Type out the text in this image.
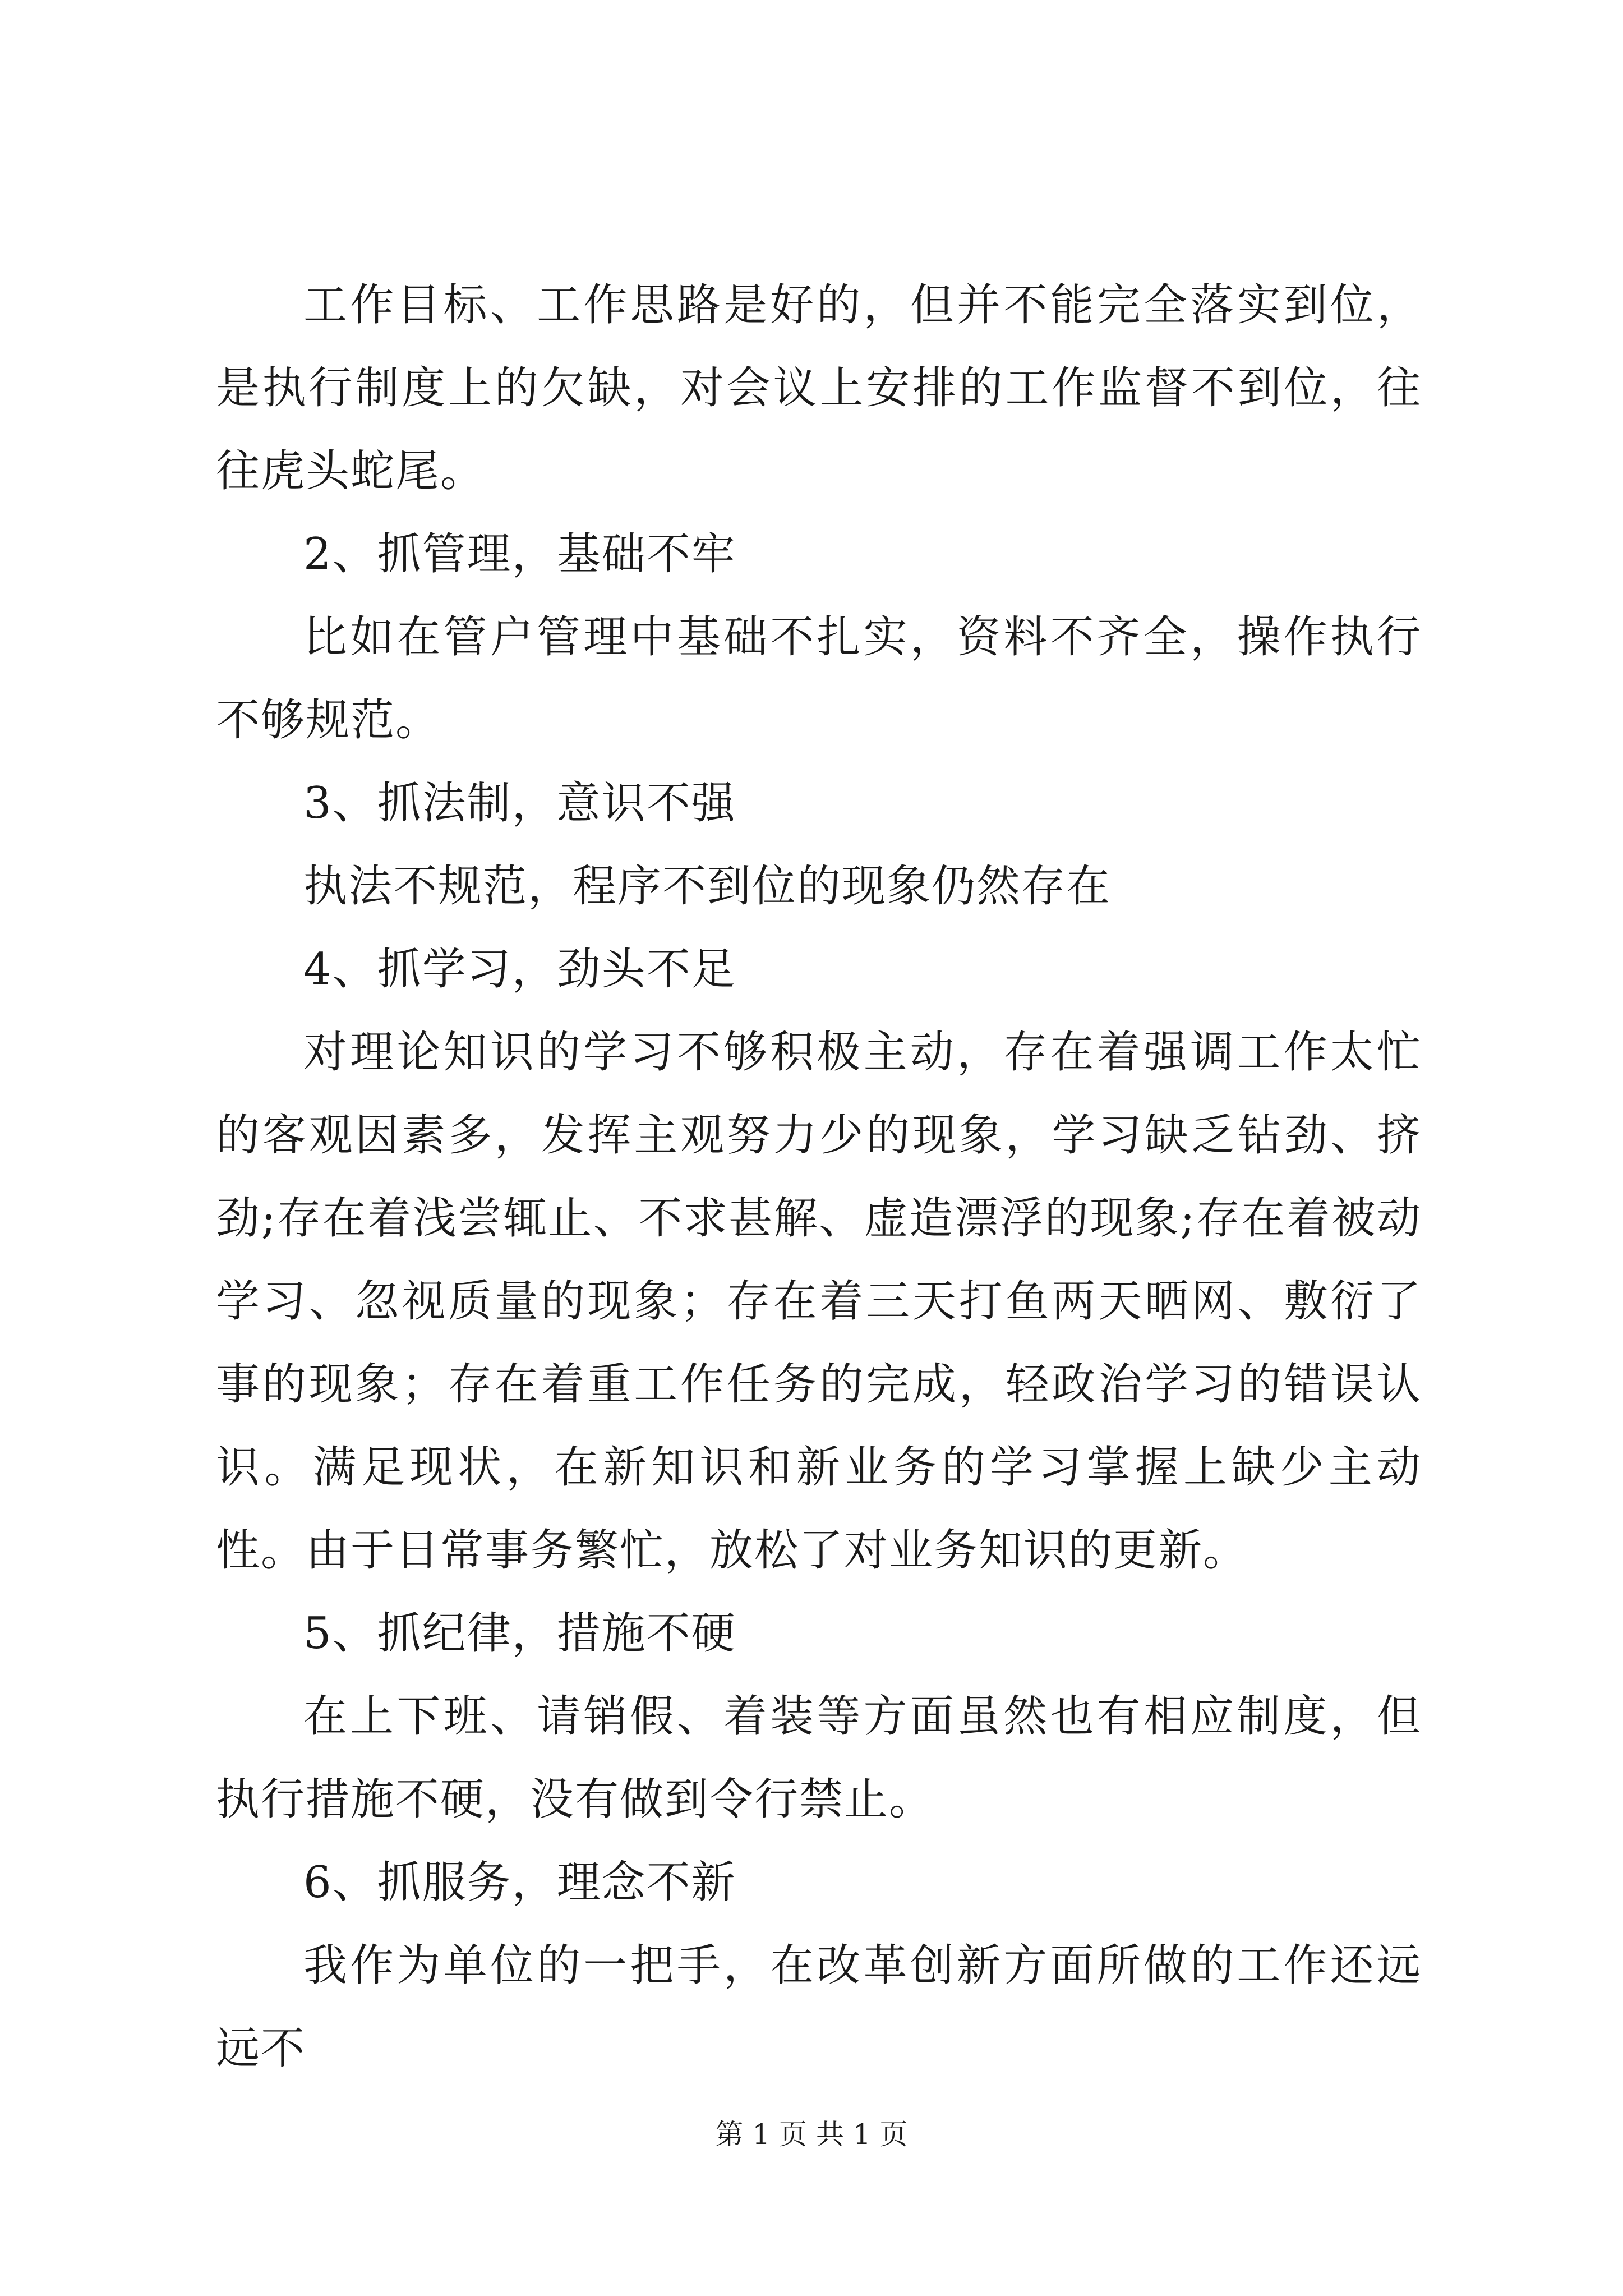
工作目标、工作思路是好的，但并不能完全落实到位，是执行制度上的欠缺，对会议上安排的工作监督不到位，往往虎头蛇尾。

2、抓管理，基础不牢

比如在管户管理中基础不扎实，资料不齐全，操作执行不够规范。

3、抓法制，意识不强

执法不规范，程序不到位的现象仍然存在

4、抓学习，劲头不足

对理论知识的学习不够积极主动，存在着强调工作太忙的客观因素多，发挥主观努力少的现象，学习缺乏钻劲、挤劲;存在着浅尝辄止、不求甚解、虚造漂浮的现象;存在着被动学习、忽视质量的现象；存在着三天打鱼两天晒网、敷衍了事的现象；存在着重工作任务的完成，轻政治学习的错误认识。满足现状，在新知识和新业务的学习掌握上缺少主动性。由于日常事务繁忙，放松了对业务知识的更新。

5、抓纪律，措施不硬

在上下班、请销假、着装等方面虽然也有相应制度，但执行措施不硬，没有做到令行禁止。

6、抓服务，理念不新

我作为单位的一把手，在改革创新方面所做的工作还远远不

第 1 页 共 1 页
